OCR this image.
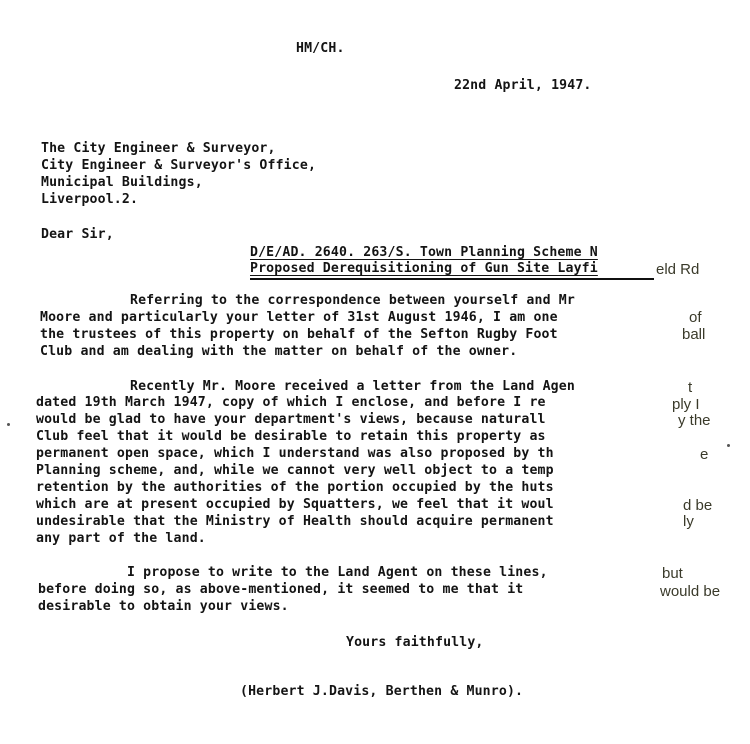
HM/CH.
22nd April, 1947.
The City Engineer & Surveyor,
City Engineer & Surveyor's Office,
Municipal Buildings,
Liverpool.2.
Dear Sir,
D/E/AD. 2640. 263/S. Town Planning Scheme N
Proposed Derequisitioning of Gun Site Layfi	eld Rd
Referring to the correspondence between yourself and Mr
Moore and particularly your letter of 31st August 1946, I am one	of
the trustees of this property on behalf of the Sefton Rugby Foot	ball
Club and am dealing with the matter on behalf of the owner.
Recently Mr. Moore received a letter from the Land Agen	t
dated 19th March 1947, copy of which I enclose, and before I re	ply I
would be glad to have your department's views, because naturall	y the
Club feel that it would be desirable to retain this property as
permanent open space, which I understand was also proposed by th	e
Planning scheme, and, while we cannot very well object to a temp
retention by the authorities of the portion occupied by the huts
which are at present occupied by Squatters, we feel that it woul	d be
undesirable that the Ministry of Health should acquire permanent	ly
any part of the land.
I propose to write to the Land Agent on these lines,	but
before doing so, as above-mentioned, it seemed to me that it	would be
desirable to obtain your views.
Yours faithfully,
(Herbert J.Davis, Berthen & Munro).
